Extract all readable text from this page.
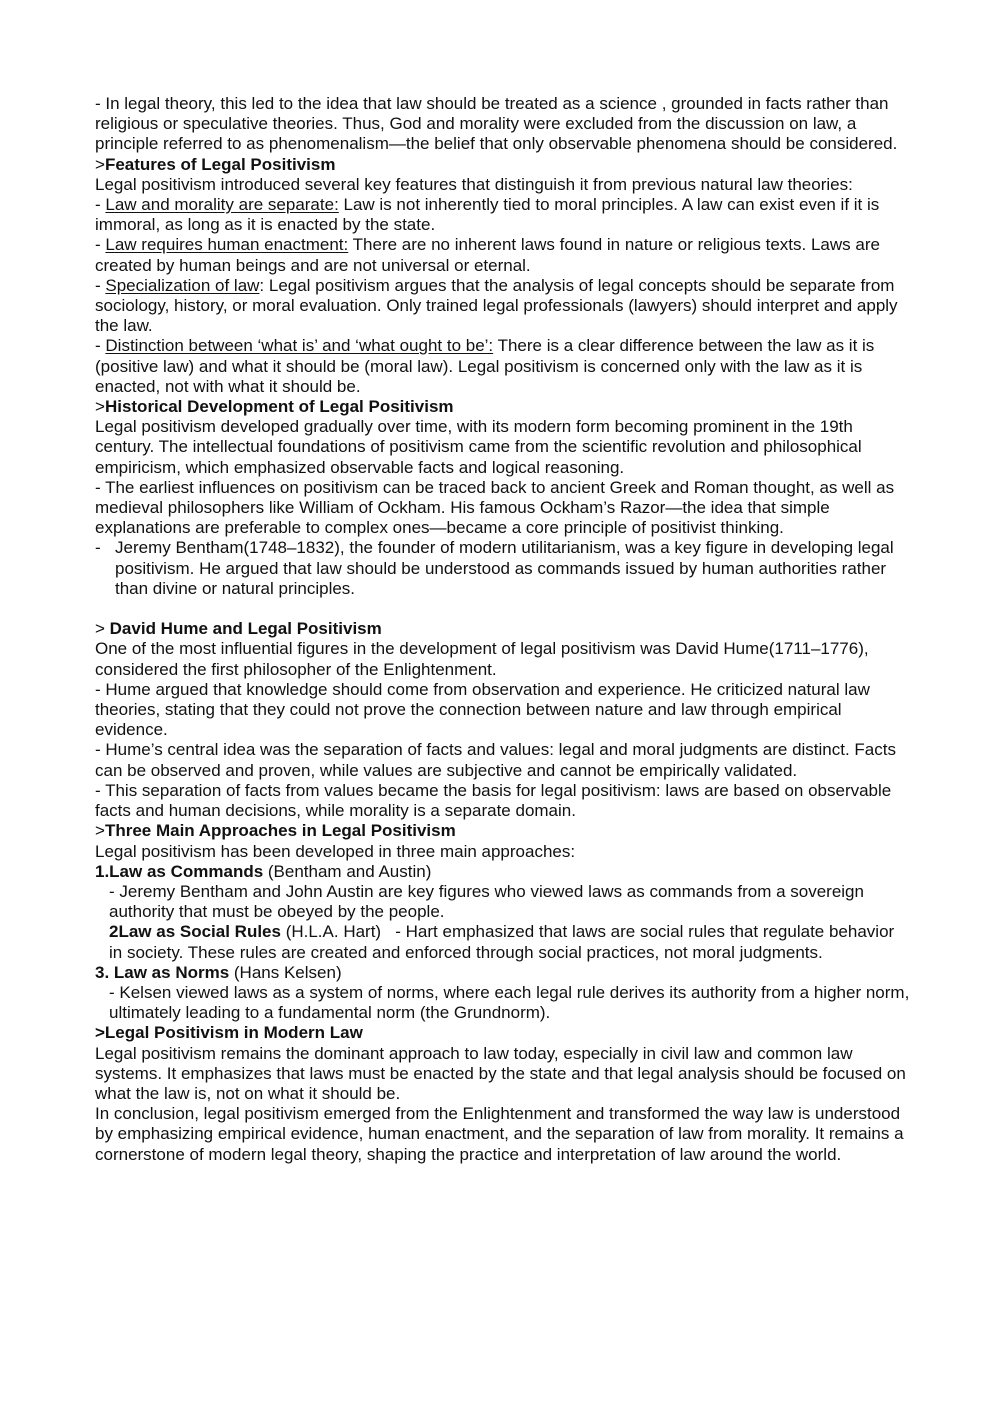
- In legal theory, this led to the idea that law should be treated as a science , grounded in facts rather than religious or speculative theories. Thus, God and morality were excluded from the discussion on law, a principle referred to as phenomenalism—the belief that only observable phenomena should be considered.

>Features of Legal Positivism

Legal positivism introduced several key features that distinguish it from previous natural law theories:

- Law and morality are separate: Law is not inherently tied to moral principles. A law can exist even if it is immoral, as long as it is enacted by the state.

- Law requires human enactment: There are no inherent laws found in nature or religious texts. Laws are created by human beings and are not universal or eternal.

- Specialization of law: Legal positivism argues that the analysis of legal concepts should be separate from sociology, history, or moral evaluation. Only trained legal professionals (lawyers) should interpret and apply the law.

- Distinction between ‘what is’ and ‘what ought to be’: There is a clear difference between the law as it is (positive law) and what it should be (moral law). Legal positivism is concerned only with the law as it is enacted, not with what it should be.

>Historical Development of Legal Positivism

Legal positivism developed gradually over time, with its modern form becoming prominent in the 19th century. The intellectual foundations of positivism came from the scientific revolution and philosophical empiricism, which emphasized observable facts and logical reasoning.

- The earliest influences on positivism can be traced back to ancient Greek and Roman thought, as well as medieval philosophers like William of Ockham. His famous Ockham’s Razor—the idea that simple explanations are preferable to complex ones—became a core principle of positivist thinking.

- Jeremy Bentham(1748–1832), the founder of modern utilitarianism, was a key figure in developing legal positivism. He argued that law should be understood as commands issued by human authorities rather than divine or natural principles.

> David Hume and Legal Positivism

One of the most influential figures in the development of legal positivism was David Hume(1711–1776), considered the first philosopher of the Enlightenment.

- Hume argued that knowledge should come from observation and experience. He criticized natural law theories, stating that they could not prove the connection between nature and law through empirical evidence.

- Hume’s central idea was the separation of facts and values: legal and moral judgments are distinct. Facts can be observed and proven, while values are subjective and cannot be empirically validated.

- This separation of facts from values became the basis for legal positivism: laws are based on observable facts and human decisions, while morality is a separate domain.

>Three Main Approaches in Legal Positivism

Legal positivism has been developed in three main approaches:

1.Law as Commands (Bentham and Austin)

- Jeremy Bentham and John Austin are key figures who viewed laws as commands from a sovereign authority that must be obeyed by the people.

2Law as Social Rules (H.L.A. Hart)   - Hart emphasized that laws are social rules that regulate behavior in society. These rules are created and enforced through social practices, not moral judgments.

3. Law as Norms (Hans Kelsen)

- Kelsen viewed laws as a system of norms, where each legal rule derives its authority from a higher norm, ultimately leading to a fundamental norm (the Grundnorm).

>Legal Positivism in Modern Law

Legal positivism remains the dominant approach to law today, especially in civil law and common law systems. It emphasizes that laws must be enacted by the state and that legal analysis should be focused on what the law is, not on what it should be.

In conclusion, legal positivism emerged from the Enlightenment and transformed the way law is understood by emphasizing empirical evidence, human enactment, and the separation of law from morality. It remains a cornerstone of modern legal theory, shaping the practice and interpretation of law around the world.
